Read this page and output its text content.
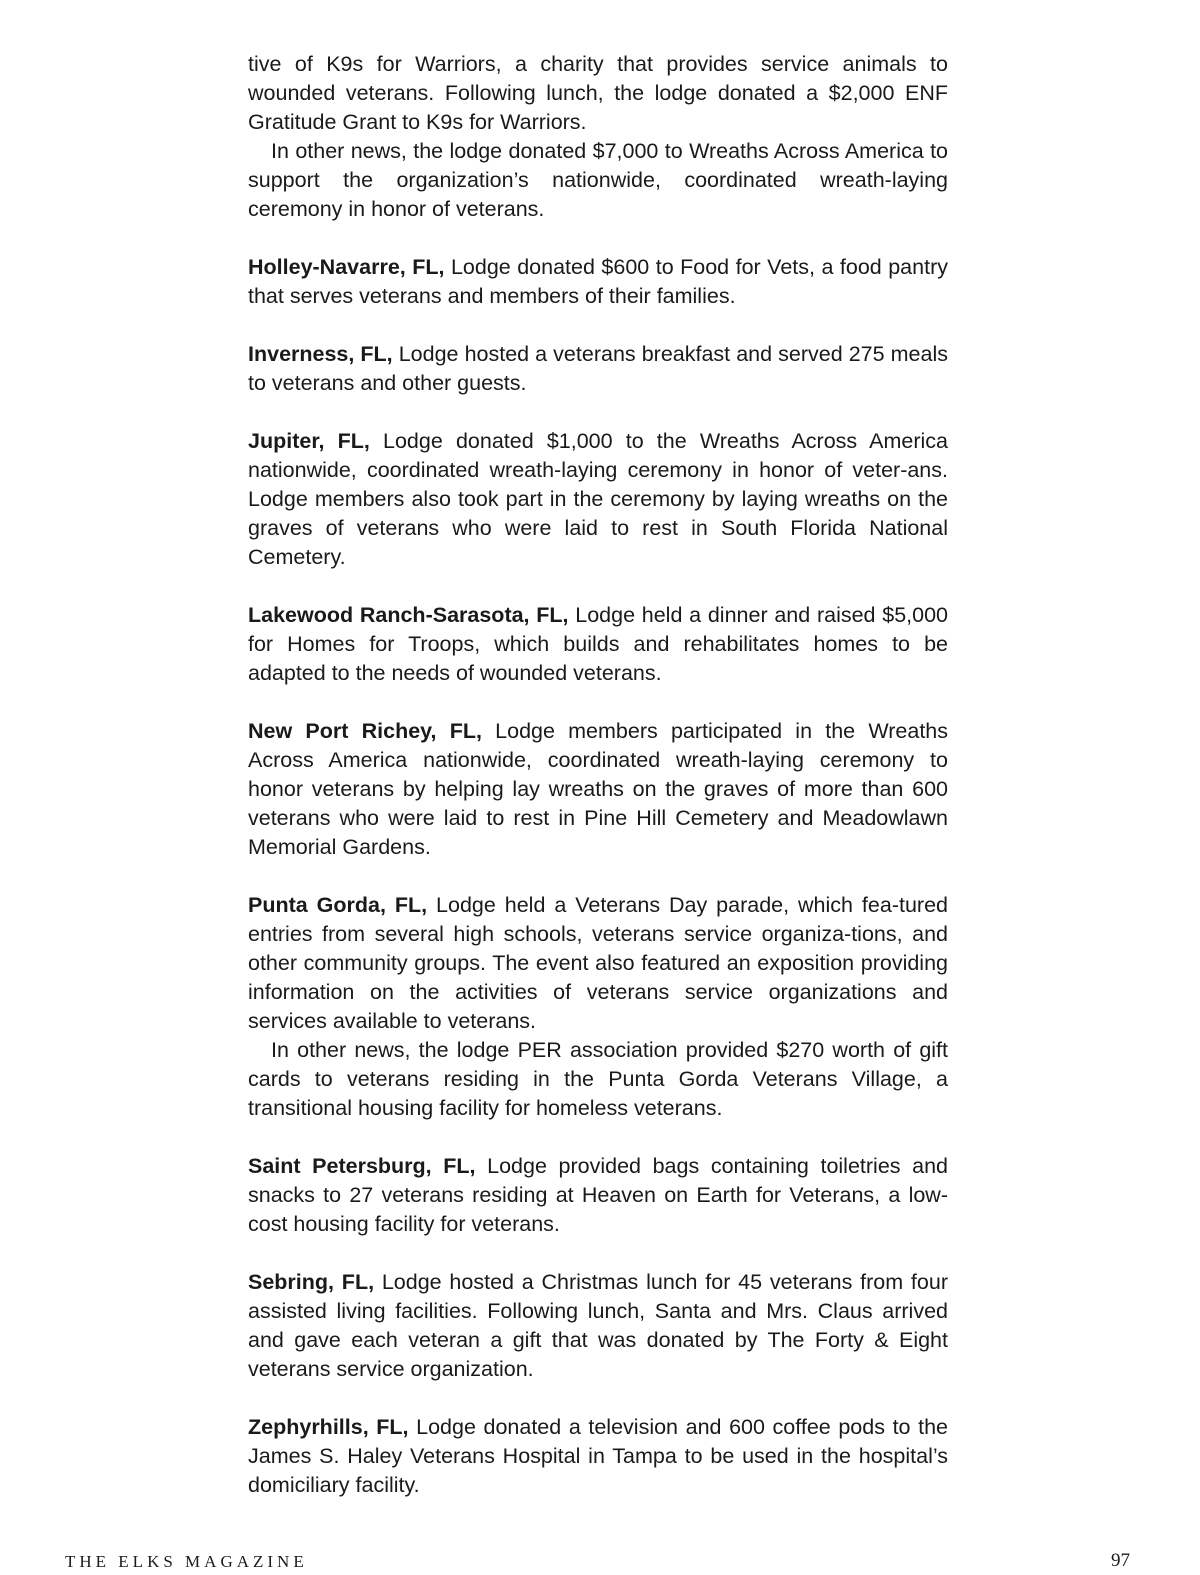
tive of K9s for Warriors, a charity that provides service animals to wounded veterans. Following lunch, the lodge donated a $2,000 ENF Gratitude Grant to K9s for Warriors.

In other news, the lodge donated $7,000 to Wreaths Across America to support the organization’s nationwide, coordinated wreath-laying ceremony in honor of veterans.

Holley-Navarre, FL, Lodge donated $600 to Food for Vets, a food pantry that serves veterans and members of their families.

Inverness, FL, Lodge hosted a veterans breakfast and served 275 meals to veterans and other guests.

Jupiter, FL, Lodge donated $1,000 to the Wreaths Across America nationwide, coordinated wreath-laying ceremony in honor of veter-ans. Lodge members also took part in the ceremony by laying wreaths on the graves of veterans who were laid to rest in South Florida National Cemetery.

Lakewood Ranch-Sarasota, FL, Lodge held a dinner and raised $5,000 for Homes for Troops, which builds and rehabilitates homes to be adapted to the needs of wounded veterans.

New Port Richey, FL, Lodge members participated in the Wreaths Across America nationwide, coordinated wreath-laying ceremony to honor veterans by helping lay wreaths on the graves of more than 600 veterans who were laid to rest in Pine Hill Cemetery and Meadowlawn Memorial Gardens.

Punta Gorda, FL, Lodge held a Veterans Day parade, which fea-tured entries from several high schools, veterans service organiza-tions, and other community groups. The event also featured an exposition providing information on the activities of veterans service organizations and services available to veterans.

In other news, the lodge PER association provided $270 worth of gift cards to veterans residing in the Punta Gorda Veterans Village, a transitional housing facility for homeless veterans.

Saint Petersburg, FL, Lodge provided bags containing toiletries and snacks to 27 veterans residing at Heaven on Earth for Veterans, a low-cost housing facility for veterans.

Sebring, FL, Lodge hosted a Christmas lunch for 45 veterans from four assisted living facilities. Following lunch, Santa and Mrs. Claus arrived and gave each veteran a gift that was donated by The Forty & Eight veterans service organization.

Zephyrhills, FL, Lodge donated a television and 600 coffee pods to the James S. Haley Veterans Hospital in Tampa to be used in the hospital’s domiciliary facility.

THE ELKS MAGAZINE	97
